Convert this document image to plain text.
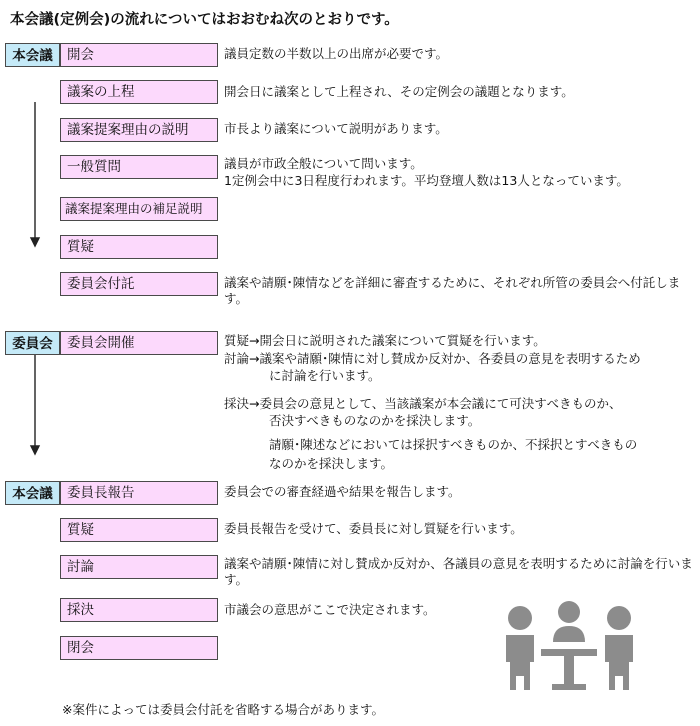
本会議(定例会)の流れについてはおおむね次のとおりです。
本会議
委員会
本会議
開会
議案の上程
議案提案理由の説明
一般質問
議案提案理由の補足説明
質疑
委員会付託
委員会開催
委員長報告
質疑
討論
採決
閉会
議員定数の半数以上の出席が必要です。
開会日に議案として上程され、その定例会の議題となります。
市長より議案について説明があります。
議員が市政全般について問います。
1定例会中に3日程度行われます。平均登壇人数は13人となっています。
議案や請願･陳情などを詳細に審査するために、それぞれ所管の委員会へ付託します。
質疑→開会日に説明された議案について質疑を行います。
討論→議案や請願･陳情に対し賛成か反対か、各委員の意見を表明するため
に討論を行います。
採決→委員会の意見として、当該議案が本会議にて可決すべきものか、
否決すべきものなのかを採決します。
請願･陳述などにおいては採択すべきものか、不採択とすべきもの
なのかを採決します。
委員会での審査経過や結果を報告します。
委員長報告を受けて、委員長に対し質疑を行います。
議案や請願･陳情に対し賛成か反対か、各議員の意見を表明するために討論を行います。
市議会の意思がここで決定されます。
※案件によっては委員会付託を省略する場合があります。
